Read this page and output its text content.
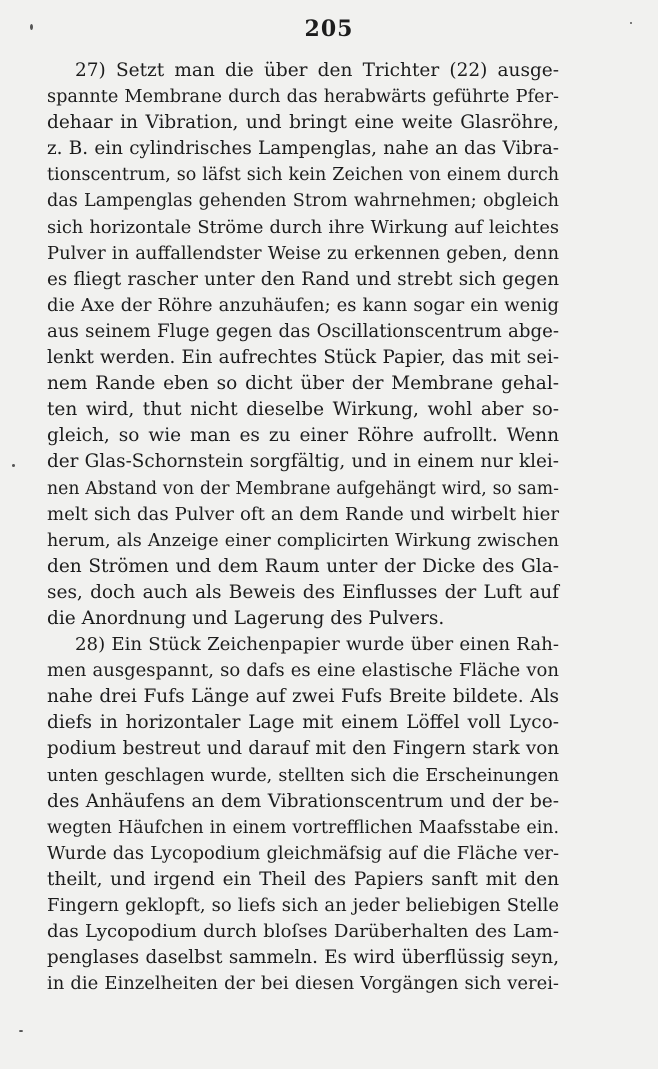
205
27) Setzt man die über den Trichter (22) ausge-
spannte Membrane durch das herabwärts geführte Pfer-
dehaar in Vibration, und bringt eine weite Glasröhre,
z. B. ein cylindrisches Lampenglas, nahe an das Vibra-
tionscentrum, so läfst sich kein Zeichen von einem durch
das Lampenglas gehenden Strom wahrnehmen; obgleich
sich horizontale Ströme durch ihre Wirkung auf leichtes
Pulver in auffallendster Weise zu erkennen geben, denn
es fliegt rascher unter den Rand und strebt sich gegen
die Axe der Röhre anzuhäufen; es kann sogar ein wenig
aus seinem Fluge gegen das Oscillationscentrum abge-
lenkt werden. Ein aufrechtes Stück Papier, das mit sei-
nem Rande eben so dicht über der Membrane gehal-
ten wird, thut nicht dieselbe Wirkung, wohl aber so-
gleich, so wie man es zu einer Röhre aufrollt. Wenn
der Glas-Schornstein sorgfältig, und in einem nur klei-
nen Abstand von der Membrane aufgehängt wird, so sam-
melt sich das Pulver oft an dem Rande und wirbelt hier
herum, als Anzeige einer complicirten Wirkung zwischen
den Strömen und dem Raum unter der Dicke des Gla-
ses, doch auch als Beweis des Einflusses der Luft auf
die Anordnung und Lagerung des Pulvers.
28) Ein Stück Zeichenpapier wurde über einen Rah-
men ausgespannt, so dafs es eine elastische Fläche von
nahe drei Fufs Länge auf zwei Fufs Breite bildete. Als
diefs in horizontaler Lage mit einem Löffel voll Lyco-
podium bestreut und darauf mit den Fingern stark von
unten geschlagen wurde, stellten sich die Erscheinungen
des Anhäufens an dem Vibrationscentrum und der be-
wegten Häufchen in einem vortrefflichen Maafsstabe ein.
Wurde das Lycopodium gleichmäfsig auf die Fläche ver-
theilt, und irgend ein Theil des Papiers sanft mit den
Fingern geklopft, so liefs sich an jeder beliebigen Stelle
das Lycopodium durch bloſses Darüberhalten des Lam-
penglases daselbst sammeln. Es wird überflüssig seyn,
in die Einzelheiten der bei diesen Vorgängen sich verei-
